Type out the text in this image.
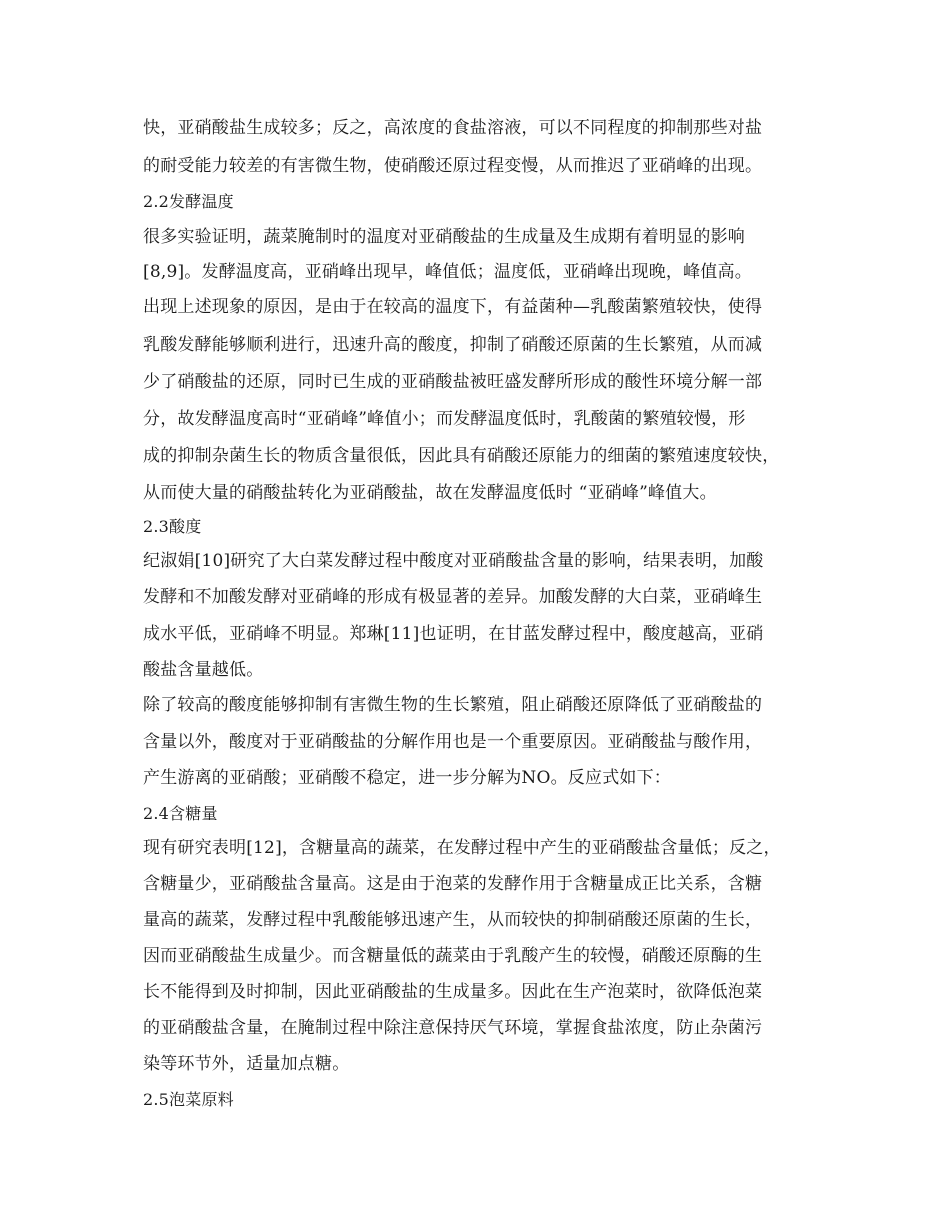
快，亚硝酸盐生成较多；反之，高浓度的食盐溶液，可以不同程度的抑制那些对盐
的耐受能力较差的有害微生物，使硝酸还原过程变慢，从而推迟了亚硝峰的出现。
2.2发酵温度
很多实验证明，蔬菜腌制时的温度对亚硝酸盐的生成量及生成期有着明显的影响
[8,9]。发酵温度高，亚硝峰出现早，峰值低；温度低，亚硝峰出现晚，峰值高。
出现上述现象的原因，是由于在较高的温度下，有益菌种—乳酸菌繁殖较快，使得
乳酸发酵能够顺利进行，迅速升高的酸度，抑制了硝酸还原菌的生长繁殖，从而减
少了硝酸盐的还原，同时已生成的亚硝酸盐被旺盛发酵所形成的酸性环境分解一部
分，故发酵温度高时“亚硝峰”峰值小；而发酵温度低时，乳酸菌的繁殖较慢，形
成的抑制杂菌生长的物质含量很低，因此具有硝酸还原能力的细菌的繁殖速度较快，
从而使大量的硝酸盐转化为亚硝酸盐，故在发酵温度低时 “亚硝峰”峰值大。
2.3酸度
纪淑娟[10]研究了大白菜发酵过程中酸度对亚硝酸盐含量的影响，结果表明，加酸
发酵和不加酸发酵对亚硝峰的形成有极显著的差异。加酸发酵的大白菜，亚硝峰生
成水平低，亚硝峰不明显。郑琳[11]也证明，在甘蓝发酵过程中，酸度越高，亚硝
酸盐含量越低。
除了较高的酸度能够抑制有害微生物的生长繁殖，阻止硝酸还原降低了亚硝酸盐的
含量以外，酸度对于亚硝酸盐的分解作用也是一个重要原因。亚硝酸盐与酸作用，
产生游离的亚硝酸；亚硝酸不稳定，进一步分解为NO。反应式如下：
2.4含糖量
现有研究表明[12]，含糖量高的蔬菜，在发酵过程中产生的亚硝酸盐含量低；反之，
含糖量少，亚硝酸盐含量高。这是由于泡菜的发酵作用于含糖量成正比关系，含糖
量高的蔬菜，发酵过程中乳酸能够迅速产生，从而较快的抑制硝酸还原菌的生长，
因而亚硝酸盐生成量少。而含糖量低的蔬菜由于乳酸产生的较慢，硝酸还原酶的生
长不能得到及时抑制，因此亚硝酸盐的生成量多。因此在生产泡菜时，欲降低泡菜
的亚硝酸盐含量，在腌制过程中除注意保持厌气环境，掌握食盐浓度，防止杂菌污
染等环节外，适量加点糖。
2.5泡菜原料
